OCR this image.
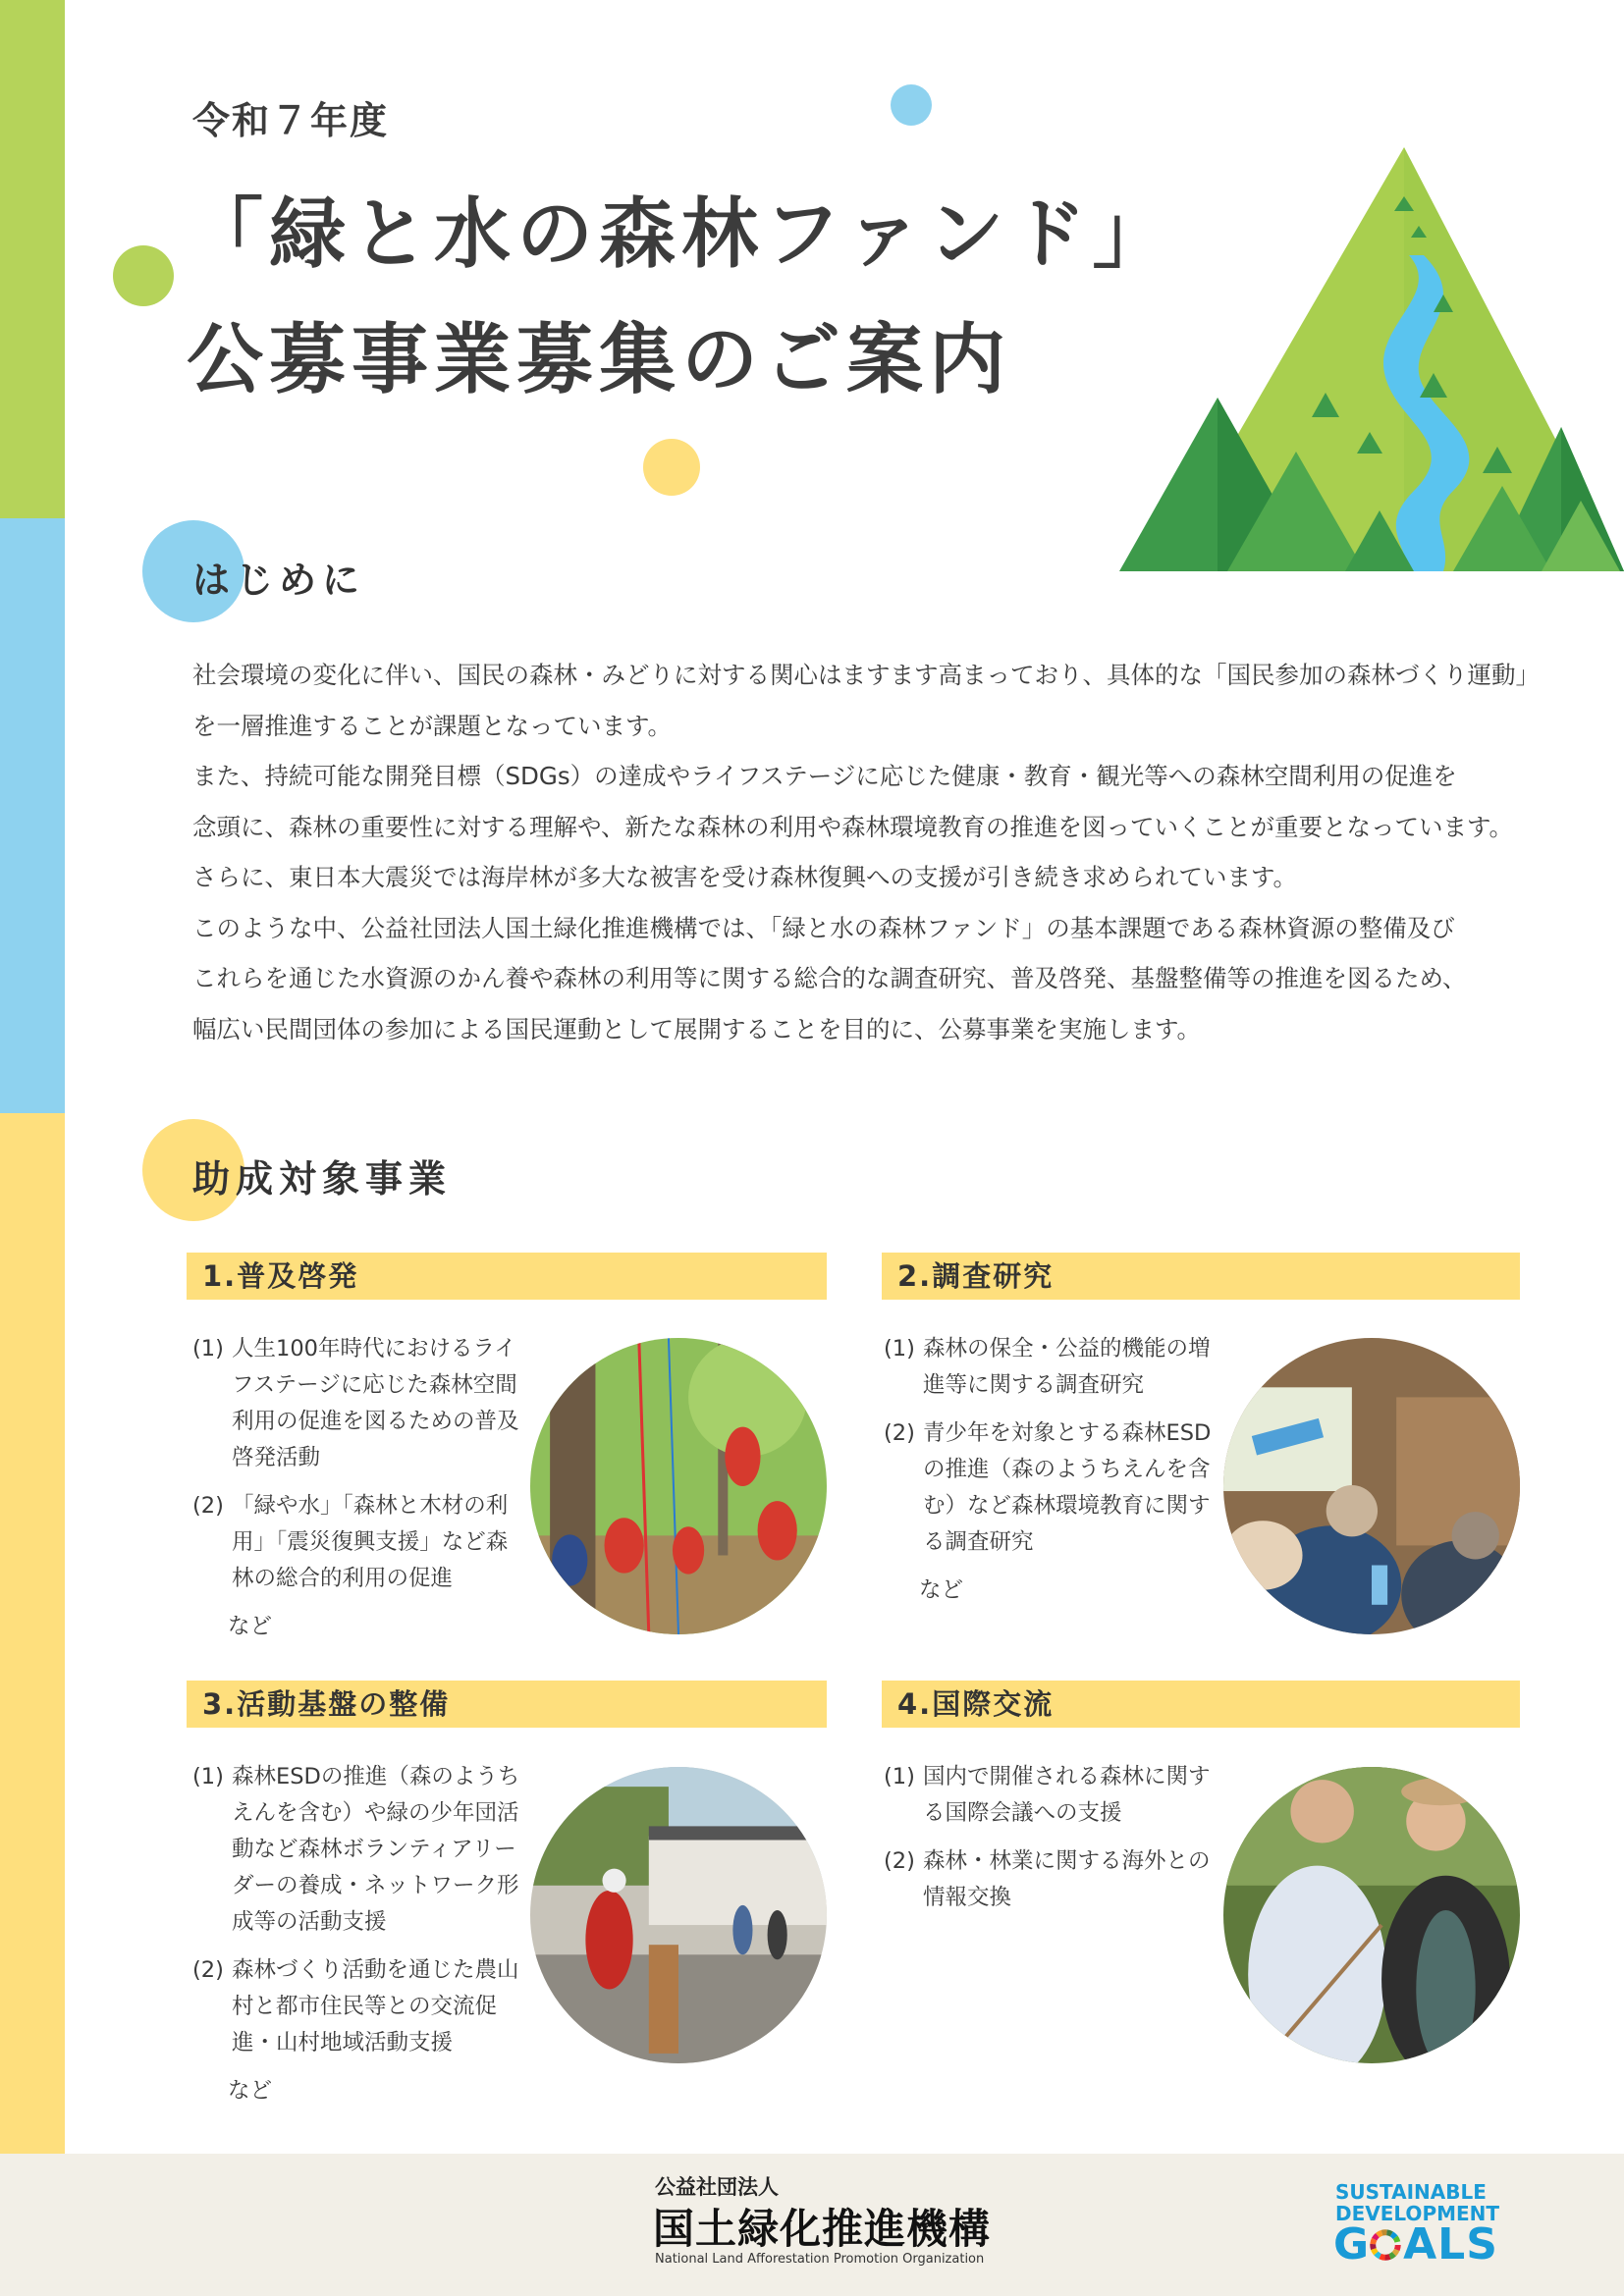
令和７年度
「緑と水の森林ファンド」
公募事業募集のご案内
はじめに

社会環境の変化に伴い、国民の森林・みどりに対する関心はますます高まっており、具体的な「国民参加の森林づくり運動」

を一層推進することが課題となっています。

また、持続可能な開発目標（SDGs）の達成やライフステージに応じた健康・教育・観光等への森林空間利用の促進を

念頭に、森林の重要性に対する理解や、新たな森林の利用や森林環境教育の推進を図っていくことが重要となっています。

さらに、東日本大震災では海岸林が多大な被害を受け森林復興への支援が引き続き求められています。

このような中、公益社団法人国土緑化推進機構では、「緑と水の森林ファンド」の基本課題である森林資源の整備及び

これらを通じた水資源のかん養や森林の利用等に関する総合的な調査研究、普及啓発、基盤整備等の推進を図るため、

幅広い民間団体の参加による国民運動として展開することを目的に、公募事業を実施します。

助成対象事業
1.普及啓発
(1) 人生100年時代におけるライフステージに応じた森林空間利用の促進を図るための普及啓発活動
(2) 「緑や水」「森林と木材の利用」「震災復興支援」など森林の総合的利用の促進
など
2.調査研究
(1) 森林の保全・公益的機能の増進等に関する調査研究
(2) 青少年を対象とする森林ESDの推進（森のようちえんを含む）など森林環境教育に関する調査研究
など
3.活動基盤の整備
(1) 森林ESDの推進（森のようちえんを含む）や緑の少年団活動など森林ボランティアリーダーの養成・ネットワーク形成等の活動支援
(2) 森林づくり活動を通じた農山村と都市住民等との交流促進・山村地域活動支援
など
4.国際交流
(1) 国内で開催される森林に関する国際会議への支援
(2) 森林・林業に関する海外との情報交換
公益社団法人
国土緑化推進機構
National Land Afforestation Promotion Organization
SUSTAINABLE
DEVELOPMENT
G ALS
